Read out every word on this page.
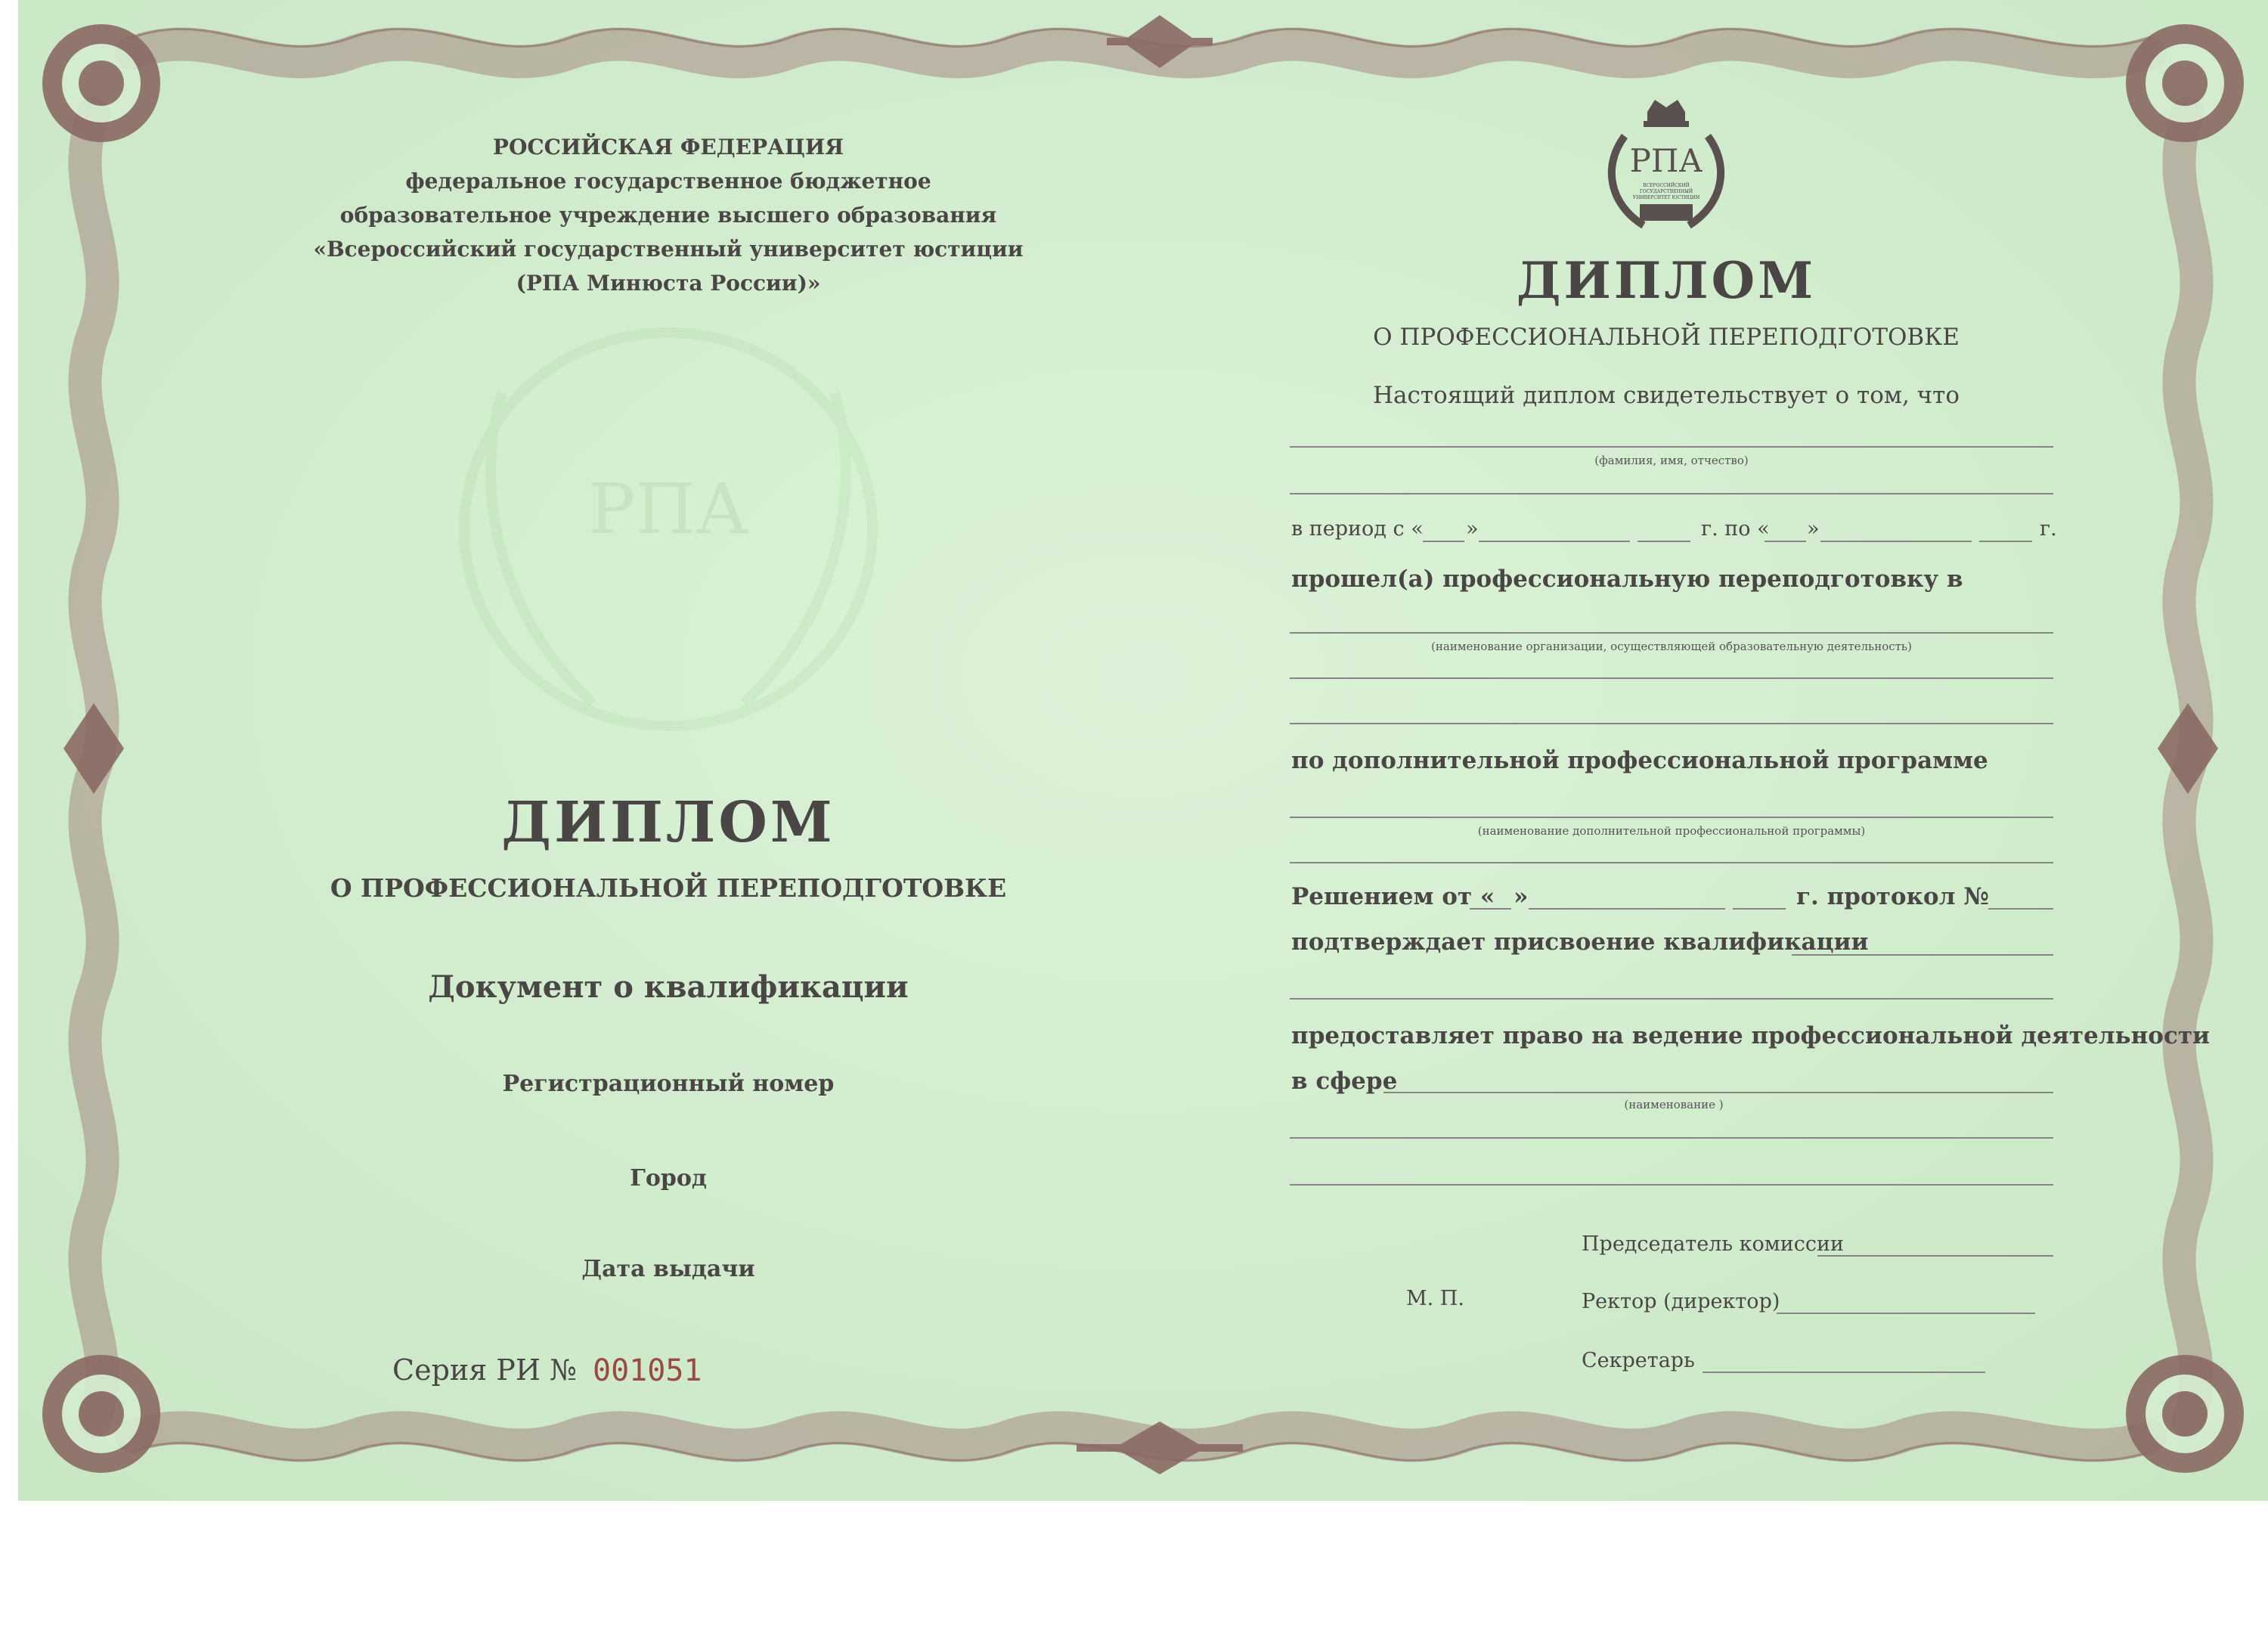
РОССИЙСКАЯ ФЕДЕРАЦИЯ
федеральное государственное бюджетное
образовательное учреждение высшего образования
«Всероссийский государственный университет юстиции
(РПА Минюста России)»
РПА
ДИПЛОМ
О ПРОФЕССИОНАЛЬНОЙ ПЕРЕПОДГОТОВКЕ
Документ о квалификации
Регистрационный номер
Город
Дата выдачи
Серия РИ № 001051
РПА
ВСЕРОССИЙСКИЙ ГОСУДАРСТВЕННЫЙ УНИВЕРСИТЕТ ЮСТИЦИИ
ДИПЛОМ
О ПРОФЕССИОНАЛЬНОЙ ПЕРЕПОДГОТОВКЕ
Настоящий диплом свидетельствует о том, что
(фамилия, имя, отчество)
в период с « »	г. по « »	г.
прошел(а) профессиональную переподготовку в
(наименование организации, осуществляющей образовательную деятельность)
по дополнительной профессиональной программе
(наименование дополнительной профессиональной программы)
Решением от « »	г. протокол №
подтверждает присвоение квалификации
предоставляет право на ведение профессиональной деятельности
в сфере
(наименование )
Председатель комиссии
М. П.	Ректор (директор)
Секретарь
